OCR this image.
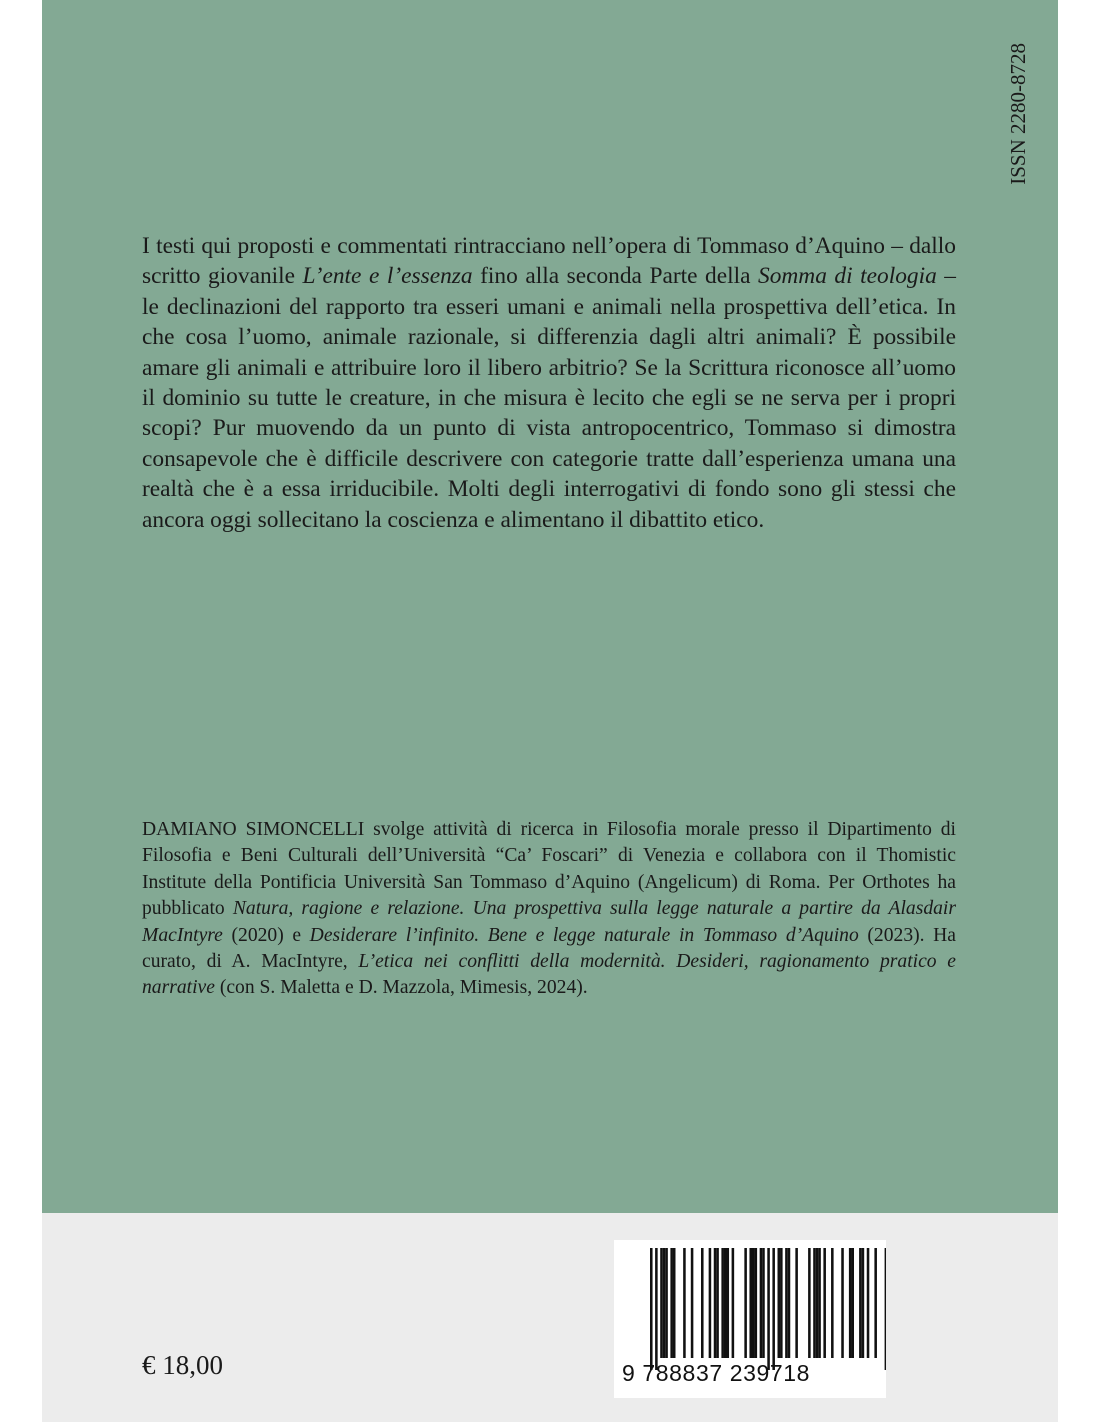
ISSN 2280-8728

I testi qui proposti e commentati rintracciano nell’opera di Tommaso d’Aquino – dallo scritto giovanile L’ente e l’essenza fino alla seconda Parte della Somma di teologia – le declinazioni del rapporto tra esseri umani e animali nella prospettiva dell’etica. In che cosa l’uomo, animale razionale, si differenzia dagli altri animali? È possibile amare gli animali e attribuire loro il libero arbitrio? Se la Scrittura riconosce all’uomo il dominio su tutte le creature, in che misura è lecito che egli se ne serva per i propri scopi? Pur muovendo da un punto di vista antropocentrico, Tommaso si dimostra consapevole che è difficile descrivere con categorie tratte dall’esperienza umana una realtà che è a essa irriducibile. Molti degli interrogativi di fondo sono gli stessi che ancora oggi sollecitano la coscienza e alimentano il dibattito etico.

DAMIANO SIMONCELLI svolge attività di ricerca in Filosofia morale presso il Dipartimento di Filosofia e Beni Culturali dell’Università “Ca’ Foscari” di Venezia e collabora con il Thomistic Institute della Pontificia Università San Tommaso d’Aquino (Angelicum) di Roma. Per Orthotes ha pubblicato Natura, ragione e relazione. Una prospettiva sulla legge naturale a partire da Alasdair MacIntyre (2020) e Desiderare l’infinito. Bene e legge naturale in Tommaso d’Aquino (2023). Ha curato, di A. MacIntyre, L’etica nei conflitti della modernità. Desideri, ragionamento pratico e narrative (con S. Maletta e D. Mazzola, Mimesis, 2024).

€ 18,00	9 788837 239718
